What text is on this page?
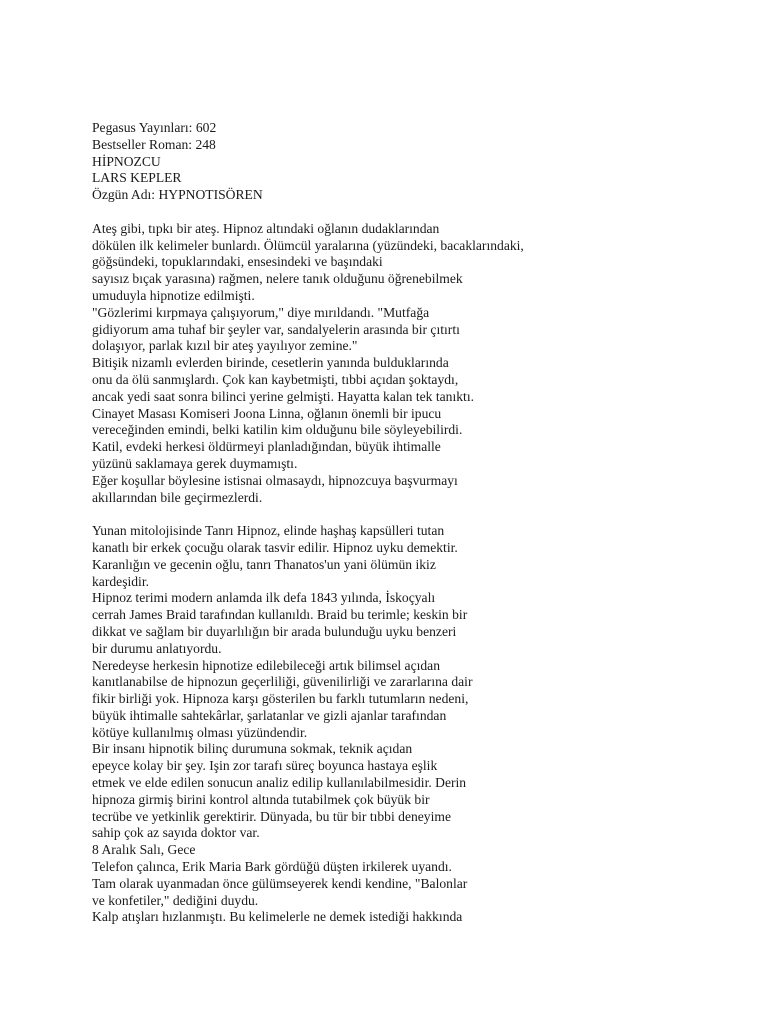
Pegasus Yayınları: 602
Bestseller Roman: 248
HİPNOZCU
LARS KEPLER
Özgün Adı: HYPNOTISÖREN
Ateş gibi, tıpkı bir ateş. Hipnoz altındaki oğlanın dudaklarından
dökülen ilk kelimeler bunlardı. Ölümcül yaralarına (yüzündeki, bacaklarındaki,
göğsündeki, topuklarındaki, ensesindeki ve başındaki
sayısız bıçak yarasına) rağmen, nelere tanık olduğunu öğrenebilmek
umuduyla hipnotize edilmişti.
"Gözlerimi kırpmaya çalışıyorum," diye mırıldandı. "Mutfağa
gidiyorum ama tuhaf bir şeyler var, sandalyelerin arasında bir çıtırtı
dolaşıyor, parlak kızıl bir ateş yayılıyor zemine."
Bitişik nizamlı evlerden birinde, cesetlerin yanında bulduklarında
onu da ölü sanmışlardı. Çok kan kaybetmişti, tıbbi açıdan şoktaydı,
ancak yedi saat sonra bilinci yerine gelmişti. Hayatta kalan tek tanıktı.
Cinayet Masası Komiseri Joona Linna, oğlanın önemli bir ipucu
vereceğinden emindi, belki katilin kim olduğunu bile söyleyebilirdi.
Katil, evdeki herkesi öldürmeyi planladığından, büyük ihtimalle
yüzünü saklamaya gerek duymamıştı.
Eğer koşullar böylesine istisnai olmasaydı, hipnozcuya başvurmayı
akıllarından bile geçirmezlerdi.
Yunan mitolojisinde Tanrı Hipnoz, elinde haşhaş kapsülleri tutan
kanatlı bir erkek çocuğu olarak tasvir edilir. Hipnoz uyku demektir.
Karanlığın ve gecenin oğlu, tanrı Thanatos'un yani ölümün ikiz
kardeşidir.
Hipnoz terimi modern anlamda ilk defa 1843 yılında, İskoçyalı
cerrah James Braid tarafından kullanıldı. Braid bu terimle; keskin bir
dikkat ve sağlam bir duyarlılığın bir arada bulunduğu uyku benzeri
bir durumu anlatıyordu.
Neredeyse herkesin hipnotize edilebileceği artık bilimsel açıdan
kanıtlanabilse de hipnozun geçerliliği, güvenilirliği ve zararlarına dair
fikir birliği yok. Hipnoza karşı gösterilen bu farklı tutumların nedeni,
büyük ihtimalle sahtekârlar, şarlatanlar ve gizli ajanlar tarafından
kötüye kullanılmış olması yüzündendir.
Bir insanı hipnotik bilinç durumuna sokmak, teknik açıdan
epeyce kolay bir şey. Işin zor tarafı süreç boyunca hastaya eşlik
etmek ve elde edilen sonucun analiz edilip kullanılabilmesidir. Derin
hipnoza girmiş birini kontrol altında tutabilmek çok büyük bir
tecrübe ve yetkinlik gerektirir. Dünyada, bu tür bir tıbbi deneyime
sahip çok az sayıda doktor var.
8 Aralık Salı, Gece
Telefon çalınca, Erik Maria Bark gördüğü düşten irkilerek uyandı.
Tam olarak uyanmadan önce gülümseyerek kendi kendine, "Balonlar
ve konfetiler," dediğini duydu.
Kalp atışları hızlanmıştı. Bu kelimelerle ne demek istediği hakkında
